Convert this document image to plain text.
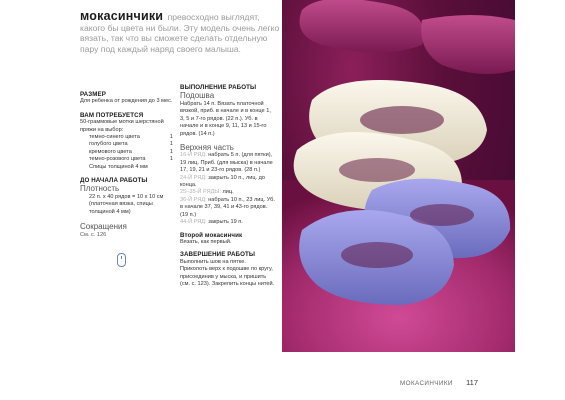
мокасинчики превосходно выглядят, какого бы цвета ни были. Эту модель очень легко вязать, так что вы сможете сделать отдельную пару под каждый наряд своего малыша.
РАЗМЕР
Для ребенка от рождения до 3 мес.
ВАМ ПОТРЕБУЕТСЯ
50-граммовые мотки шерстяной пряжи на выбор:
темно-синего цвета	1
голубого цвета	1
кремового цвета	1
темно-розового цвета	1
Спицы толщиной 4 мм
ДО НАЧАЛА РАБОТЫ
Плотность
22 п. х 40 рядов = 10 х 10 см (платочная вязка, спицы толщиной 4 мм)
Сокращения
См. с. 126
ВЫПОЛНЕНИЕ РАБОТЫ
Подошва
Набрать 14 п. Вязать платочной вязкой, приб. в начале и в конце 1, 3, 5 и 7-го рядов. (22 п.). Уб. в начале и в конце 9, 11, 13 и 15-го рядов. (14 п.)
Верхняя часть
16-Й РЯД: набрать 5 п. (для пятки), 19 лиц. Приб. (для мыска) в начале 17, 19, 21 и 23-го рядов. (28 п.)
24-Й РЯД: закрыть 10 п., лиц. до конца.
25–35-Й РЯДЫ: лиц.
36-Й РЯД: набрать 10 п., 23 лиц. Уб. в начале 37, 39, 41 и 43-го рядов. (19 п.)
44-Й РЯД: закрыть 19 п.
Второй мокасинчик
Вязать, как первый.
ЗАВЕРШЕНИЕ РАБОТЫ
Выполнить шов на пятке. Приколоть верх к подошве по кругу, присоединив у мыска, и пришить (см. с. 123). Закрепить концы нитей.
МОКАСИНЧИКИ 117
